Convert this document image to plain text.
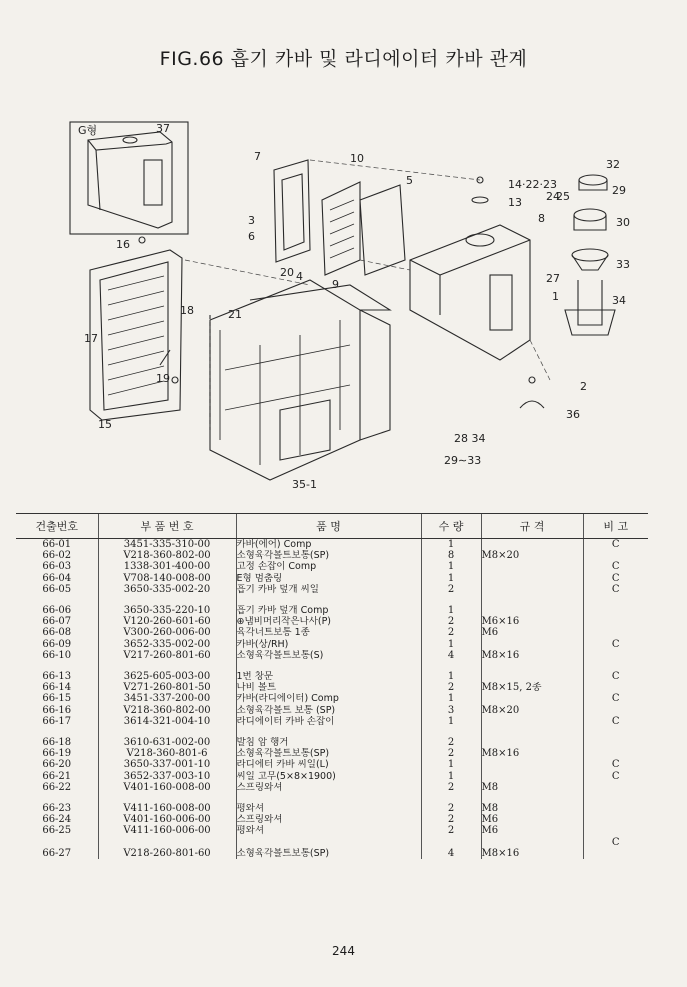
FIG.66 흡기 카바 및 라디에이터 카바 관계
G형	37
7	10
5
32
14·22·23
13 24
25	29
8	30
3
6
16
20 4
9
33
27
1	34
18	21
17
19
2
36
15
28 34
29∼33
35-1
건출번호	부 품 번 호	품 명	수 량	규 격	비 고
66-01	3451-335-310-00	카바(에어) Comp	1		C
66-02	V218-360-802-00	소형육각볼트보통(SP)	8	M8×20	
66-03	1338-301-400-00	고정 손잡이 Comp	1		C
66-04	V708-140-008-00	E형 멈춤링	1		C
66-05	3650-335-002-20	흡기 카바 덮개 씨일	2		C

66-06	3650-335-220-10	흡기 카바 덮개 Comp	1		
66-07	V120-260-601-60	⊕냄비머리작은나사(P)	2	M6×16	
66-08	V300-260-006-00	육각너트보통 1종	2	M6	
66-09	3652-335-002-00	카바(상/RH)	1		C
66-10	V217-260-801-60	소형육각볼트보통(S)	4	M8×16	

66-13	3625-605-003-00	1번 창문	1		C
66-14	V271-260-801-50	나비 볼트	2	M8×15, 2종	
66-15	3451-337-200-00	카바(라디에이터) Comp	1		C
66-16	V218-360-802-00	소형육각볼트 보통 (SP)	3	M8×20	
66-17	3614-321-004-10	라디에이터 카바 손잡이	1		C

66-18	3610-631-002-00	발침 암 행거	2		
66-19	V218-360-801-6	소형육각볼트보통(SP)	2	M8×16	
66-20	3650-337-001-10	라디에터 카바 씨일(L)	1		C
66-21	3652-337-003-10	씨일 고무(5×8×1900)	1		C
66-22	V401-160-008-00	스프링와셔	2	M8	

66-23	V411-160-008-00	평와셔	2	M8	
66-24	V401-160-006-00	스프링와셔	2	M6	
66-25	V411-160-006-00	평와셔	2	M6	
					C
66-27	V218-260-801-60	소형육각볼트보통(SP)	4	M8×16	
244
